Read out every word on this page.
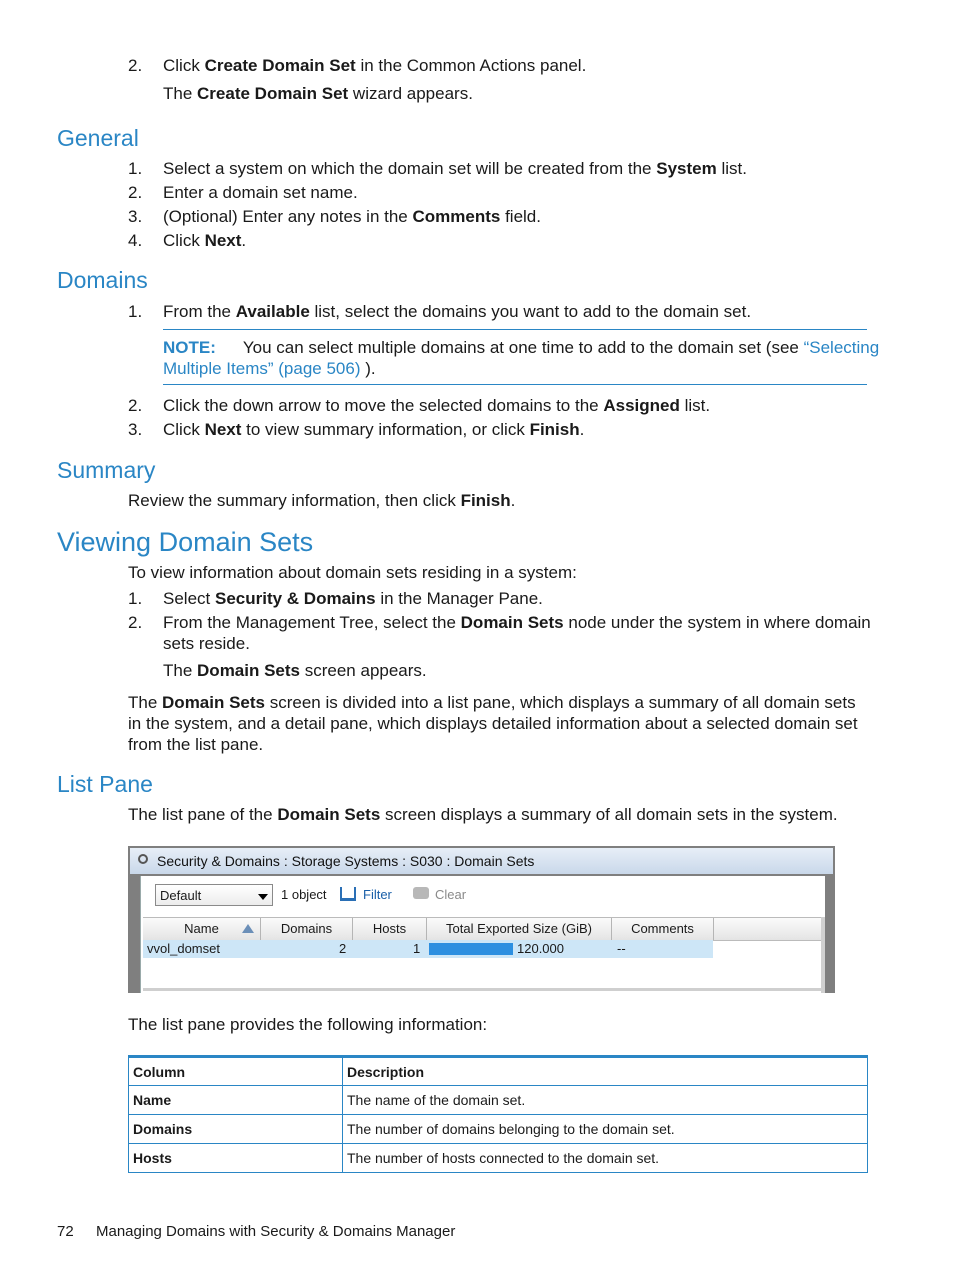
2. Click Create Domain Set in the Common Actions panel.
The Create Domain Set wizard appears.
General
1. Select a system on which the domain set will be created from the System list.
2. Enter a domain set name.
3. (Optional) Enter any notes in the Comments field.
4. Click Next.
Domains
1. From the Available list, select the domains you want to add to the domain set.
NOTE: You can select multiple domains at one time to add to the domain set (see “Selecting
Multiple Items” (page 506) ).
2. Click the down arrow to move the selected domains to the Assigned list.
3. Click Next to view summary information, or click Finish.
Summary
Review the summary information, then click Finish.
Viewing Domain Sets
To view information about domain sets residing in a system:
1. Select Security & Domains in the Manager Pane.
2. From the Management Tree, select the Domain Sets node under the system in where domain
sets reside.
The Domain Sets screen appears.
The Domain Sets screen is divided into a list pane, which displays a summary of all domain sets
in the system, and a detail pane, which displays detailed information about a selected domain set
from the list pane.
List Pane
The list pane of the Domain Sets screen displays a summary of all domain sets in the system.
Security & Domains : Storage Systems : S030 : Domain Sets
Default	1 object	Filter	Clear
Name	Domains	Hosts	Total Exported Size (GiB)	Comments
vvol_domset	2	1	120.000	--
The list pane provides the following information:
Column	Description
Name	The name of the domain set.
Domains	The number of domains belonging to the domain set.
Hosts	The number of hosts connected to the domain set.
72 Managing Domains with Security & Domains Manager
